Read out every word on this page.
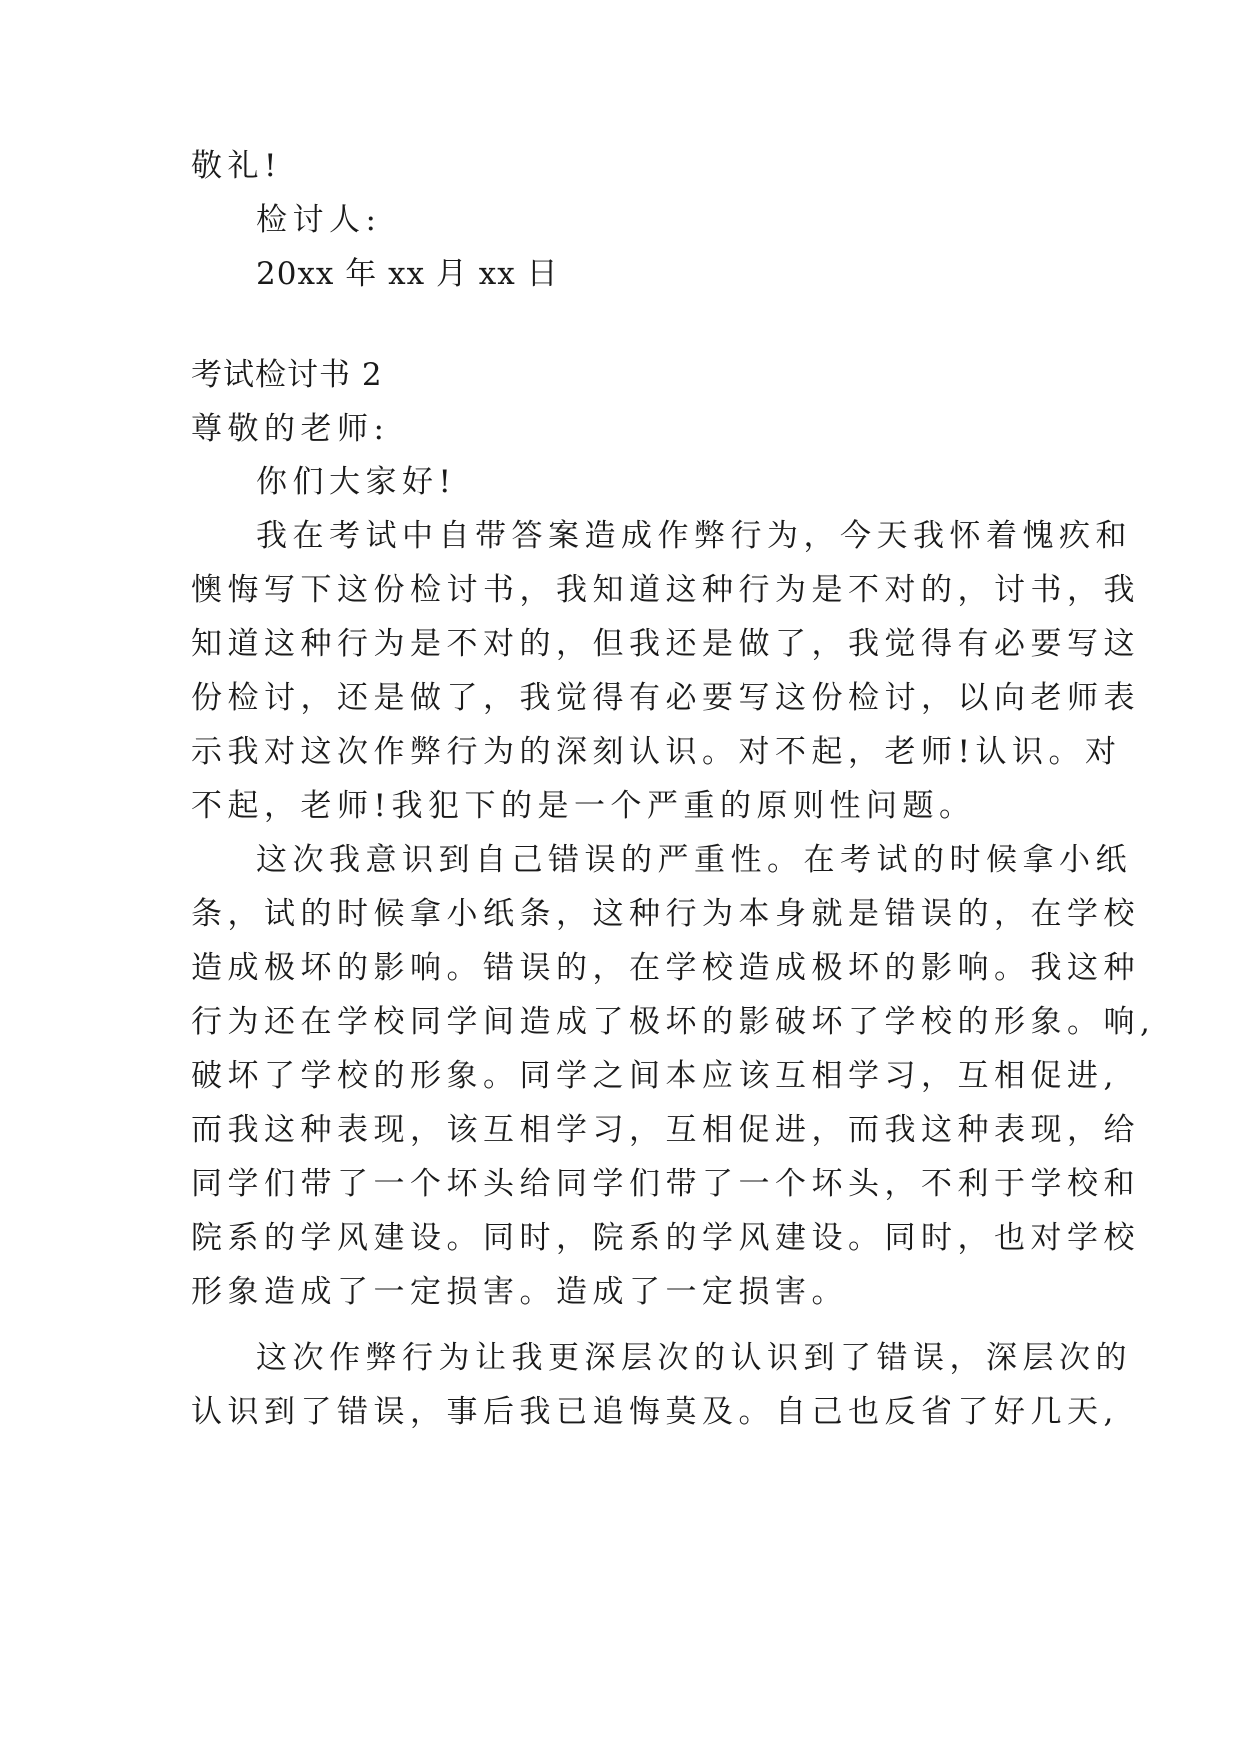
敬礼!
检讨人:
20xx 年 xx 月 xx 日
考试检讨书 2
尊敬的老师:
你们大家好!
我在考试中自带答案造成作弊行为，今天我怀着愧疚和
懊悔写下这份检讨书，我知道这种行为是不对的，讨书，我
知道这种行为是不对的，但我还是做了，我觉得有必要写这
份检讨，还是做了，我觉得有必要写这份检讨，以向老师表
示我对这次作弊行为的深刻认识。对不起，老师!认识。对
不起，老师!我犯下的是一个严重的原则性问题。
这次我意识到自己错误的严重性。在考试的时候拿小纸
条，试的时候拿小纸条，这种行为本身就是错误的，在学校
造成极坏的影响。错误的，在学校造成极坏的影响。我这种
行为还在学校同学间造成了极坏的影破坏了学校的形象。响,
破坏了学校的形象。同学之间本应该互相学习，互相促进,
而我这种表现，该互相学习，互相促进，而我这种表现，给
同学们带了一个坏头给同学们带了一个坏头，不利于学校和
院系的学风建设。同时，院系的学风建设。同时，也对学校
形象造成了一定损害。造成了一定损害。
这次作弊行为让我更深层次的认识到了错误，深层次的
认识到了错误，事后我已追悔莫及。自己也反省了好几天,
